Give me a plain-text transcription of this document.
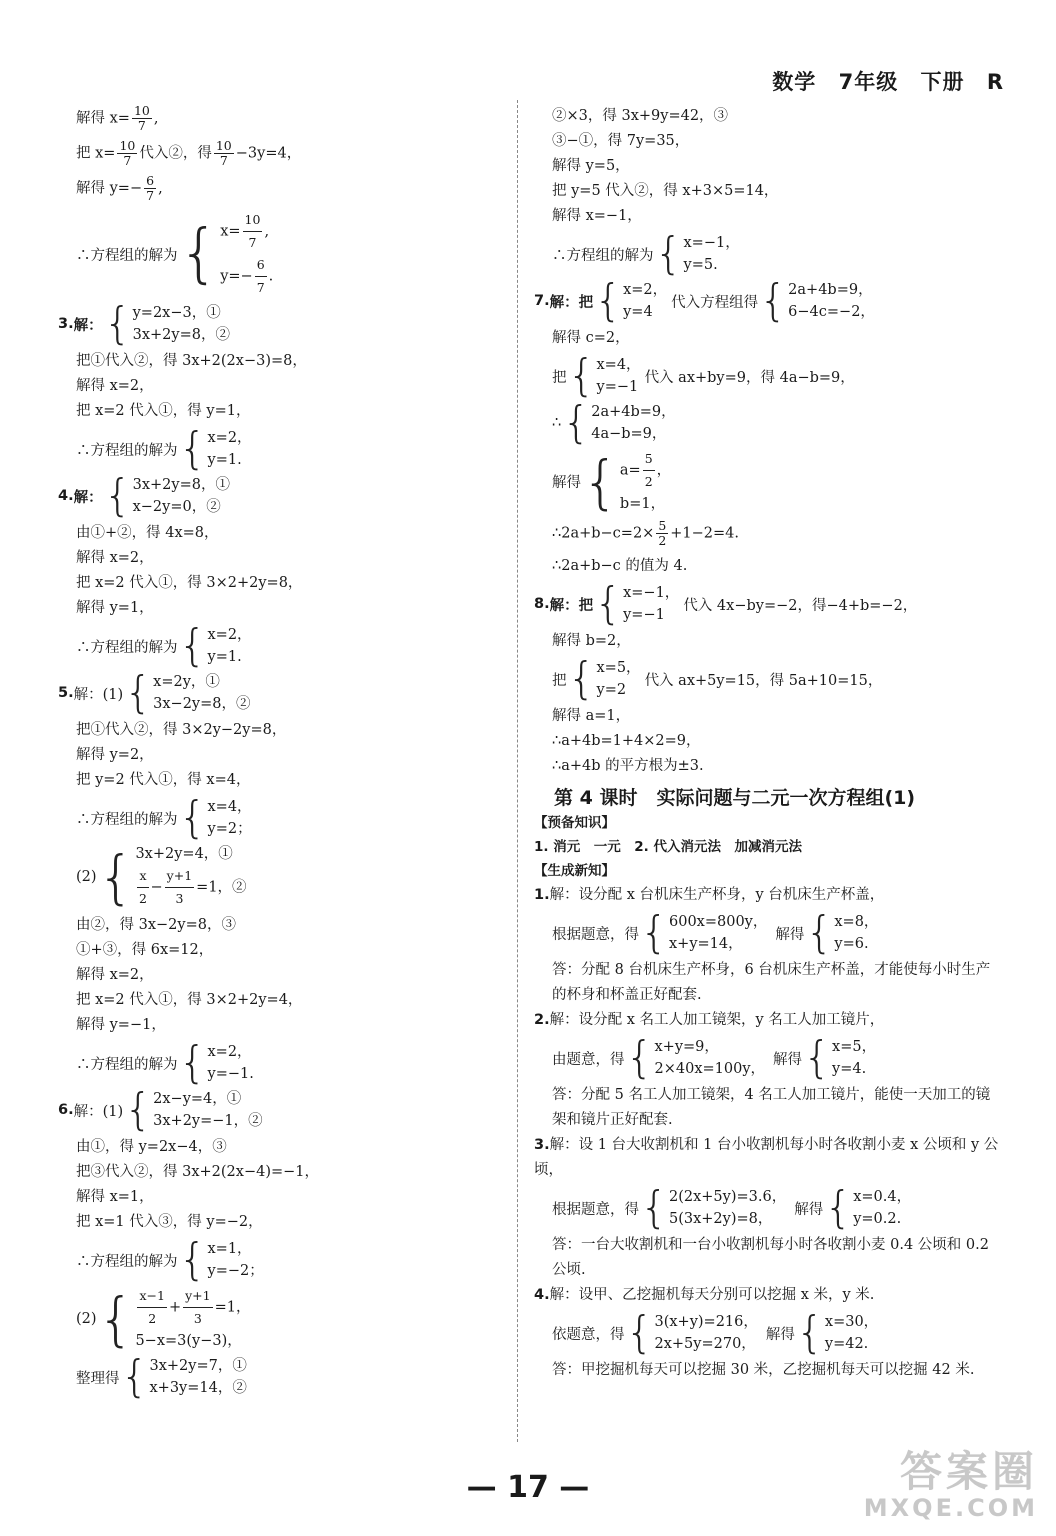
数学 7年级 下册 R
解得 $x= \frac{10}{7}$ ,
把 $x= \frac{10}{7}$ 代入②，得 $\frac{10}{7} -3y=4$，
解得 $y=- \frac{6}{7}$ ,
∴方程组的解为 { $x= \frac{10}{7}$ ,
$y=- \frac{6}{7}$ .
3. 解： { y=2x−3，①
3x+2y=8，②
把①代入②，得 3x+2(2x−3)=8，
解得 x=2，
把 x=2 代入①，得 y=1，
∴方程组的解为 { x=2，
y=1.
4. 解： { 3x+2y=8，①
x−2y=0，②
由①+②，得 4x=8，
解得 x=2，
把 x=2 代入①，得 3×2+2y=8，
解得 y=1，
∴方程组的解为 { x=2，
y=1.
5. 解：(1) { x=2y，①
3x−2y=8，②
把①代入②，得 3×2y−2y=8，
解得 y=2，
把 y=2 代入①，得 x=4，
∴方程组的解为 { x=4，
y=2；
(2) { 3x+2y=4，①
$\frac{x}{2} - \frac{y+1}{3} =1$，②
由②，得 3x−2y=8，③
①+③，得 6x=12，
解得 x=2，
把 x=2 代入①，得 3×2+2y=4，
解得 y=−1，
∴方程组的解为 { x=2，
y=−1.
6. 解：(1) { 2x−y=4，①
3x+2y=−1，②
由①，得 y=2x−4，③
把③代入②，得 3x+2(2x−4)=−1，
解得 x=1，
把 x=1 代入③，得 y=−2，
∴方程组的解为 { x=1，
y=−2；
(2) { $\frac{x-1}{2} + \frac{y+1}{3} =1$，
5−x=3(y−3)，
整理得 { 3x+2y=7，①
x+3y=14，②
②×3，得 3x+9y=42，③
③−①，得 7y=35，
解得 y=5，
把 y=5 代入②，得 x+3×5=14，
解得 x=−1，
∴方程组的解为 { x=−1，
y=5.
7. 解：把 { x=2，
y=4
代入方程组得 { 2a+4b=9，
6−4c=−2，
解得 c=2，
把 { x=4，
y=−1
代入 ax+by=9，得 4a−b=9，
∴ { 2a+4b=9，
4a−b=9，
解得 { $a= \frac{5}{2}$ ，
b=1，
∴2a+b−c=2× $\frac{5}{2} +1-2=4$.
∴2a+b−c 的值为 4.
8. 解：把 { x=−1，
y=−1
代入 4x−by=−2，得−4+b=−2，
解得 b=2，
把 { x=5，
y=2
代入 ax+5y=15，得 5a+10=15，
解得 a=1，
∴a+4b=1+4×2=9，
∴a+4b 的平方根为±3.
第 4 课时　实际问题与二元一次方程组(1)
【预备知识】
1. 消元　一元　2. 代入消元法　加减消元法
【生成新知】
1.解：设分配 x 台机床生产杯身，y 台机床生产杯盖，
根据题意，得 { 600x=800y，
x+y=14，
解得 { x=8，
y=6.
答：分配 8 台机床生产杯身，6 台机床生产杯盖，才能使每小时生产的杯身和杯盖正好配套.
2.解：设分配 x 名工人加工镜架，y 名工人加工镜片，
由题意，得 { x+y=9，
2×40x=100y，
解得 { x=5，
y=4.
答：分配 5 名工人加工镜架，4 名工人加工镜片，能使一天加工的镜架和镜片正好配套.
3.解：设 1 台大收割机和 1 台小收割机每小时各收割小麦 x 公顷和 y 公顷，
根据题意，得 { 2(2x+5y)=3.6，
5(3x+2y)=8，
解得 { x=0.4，
y=0.2.
答：一台大收割机和一台小收割机每小时各收割小麦 0.4 公顷和 0.2 公顷.
4.解：设甲、乙挖掘机每天分别可以挖掘 x 米，y 米.
依题意，得 { 3(x+y)=216，
2x+5y=270，
解得 { x=30，
y=42.
答：甲挖掘机每天可以挖掘 30 米，乙挖掘机每天可以挖掘 42 米.
— 17 —	答案圈
MXQE.COM
